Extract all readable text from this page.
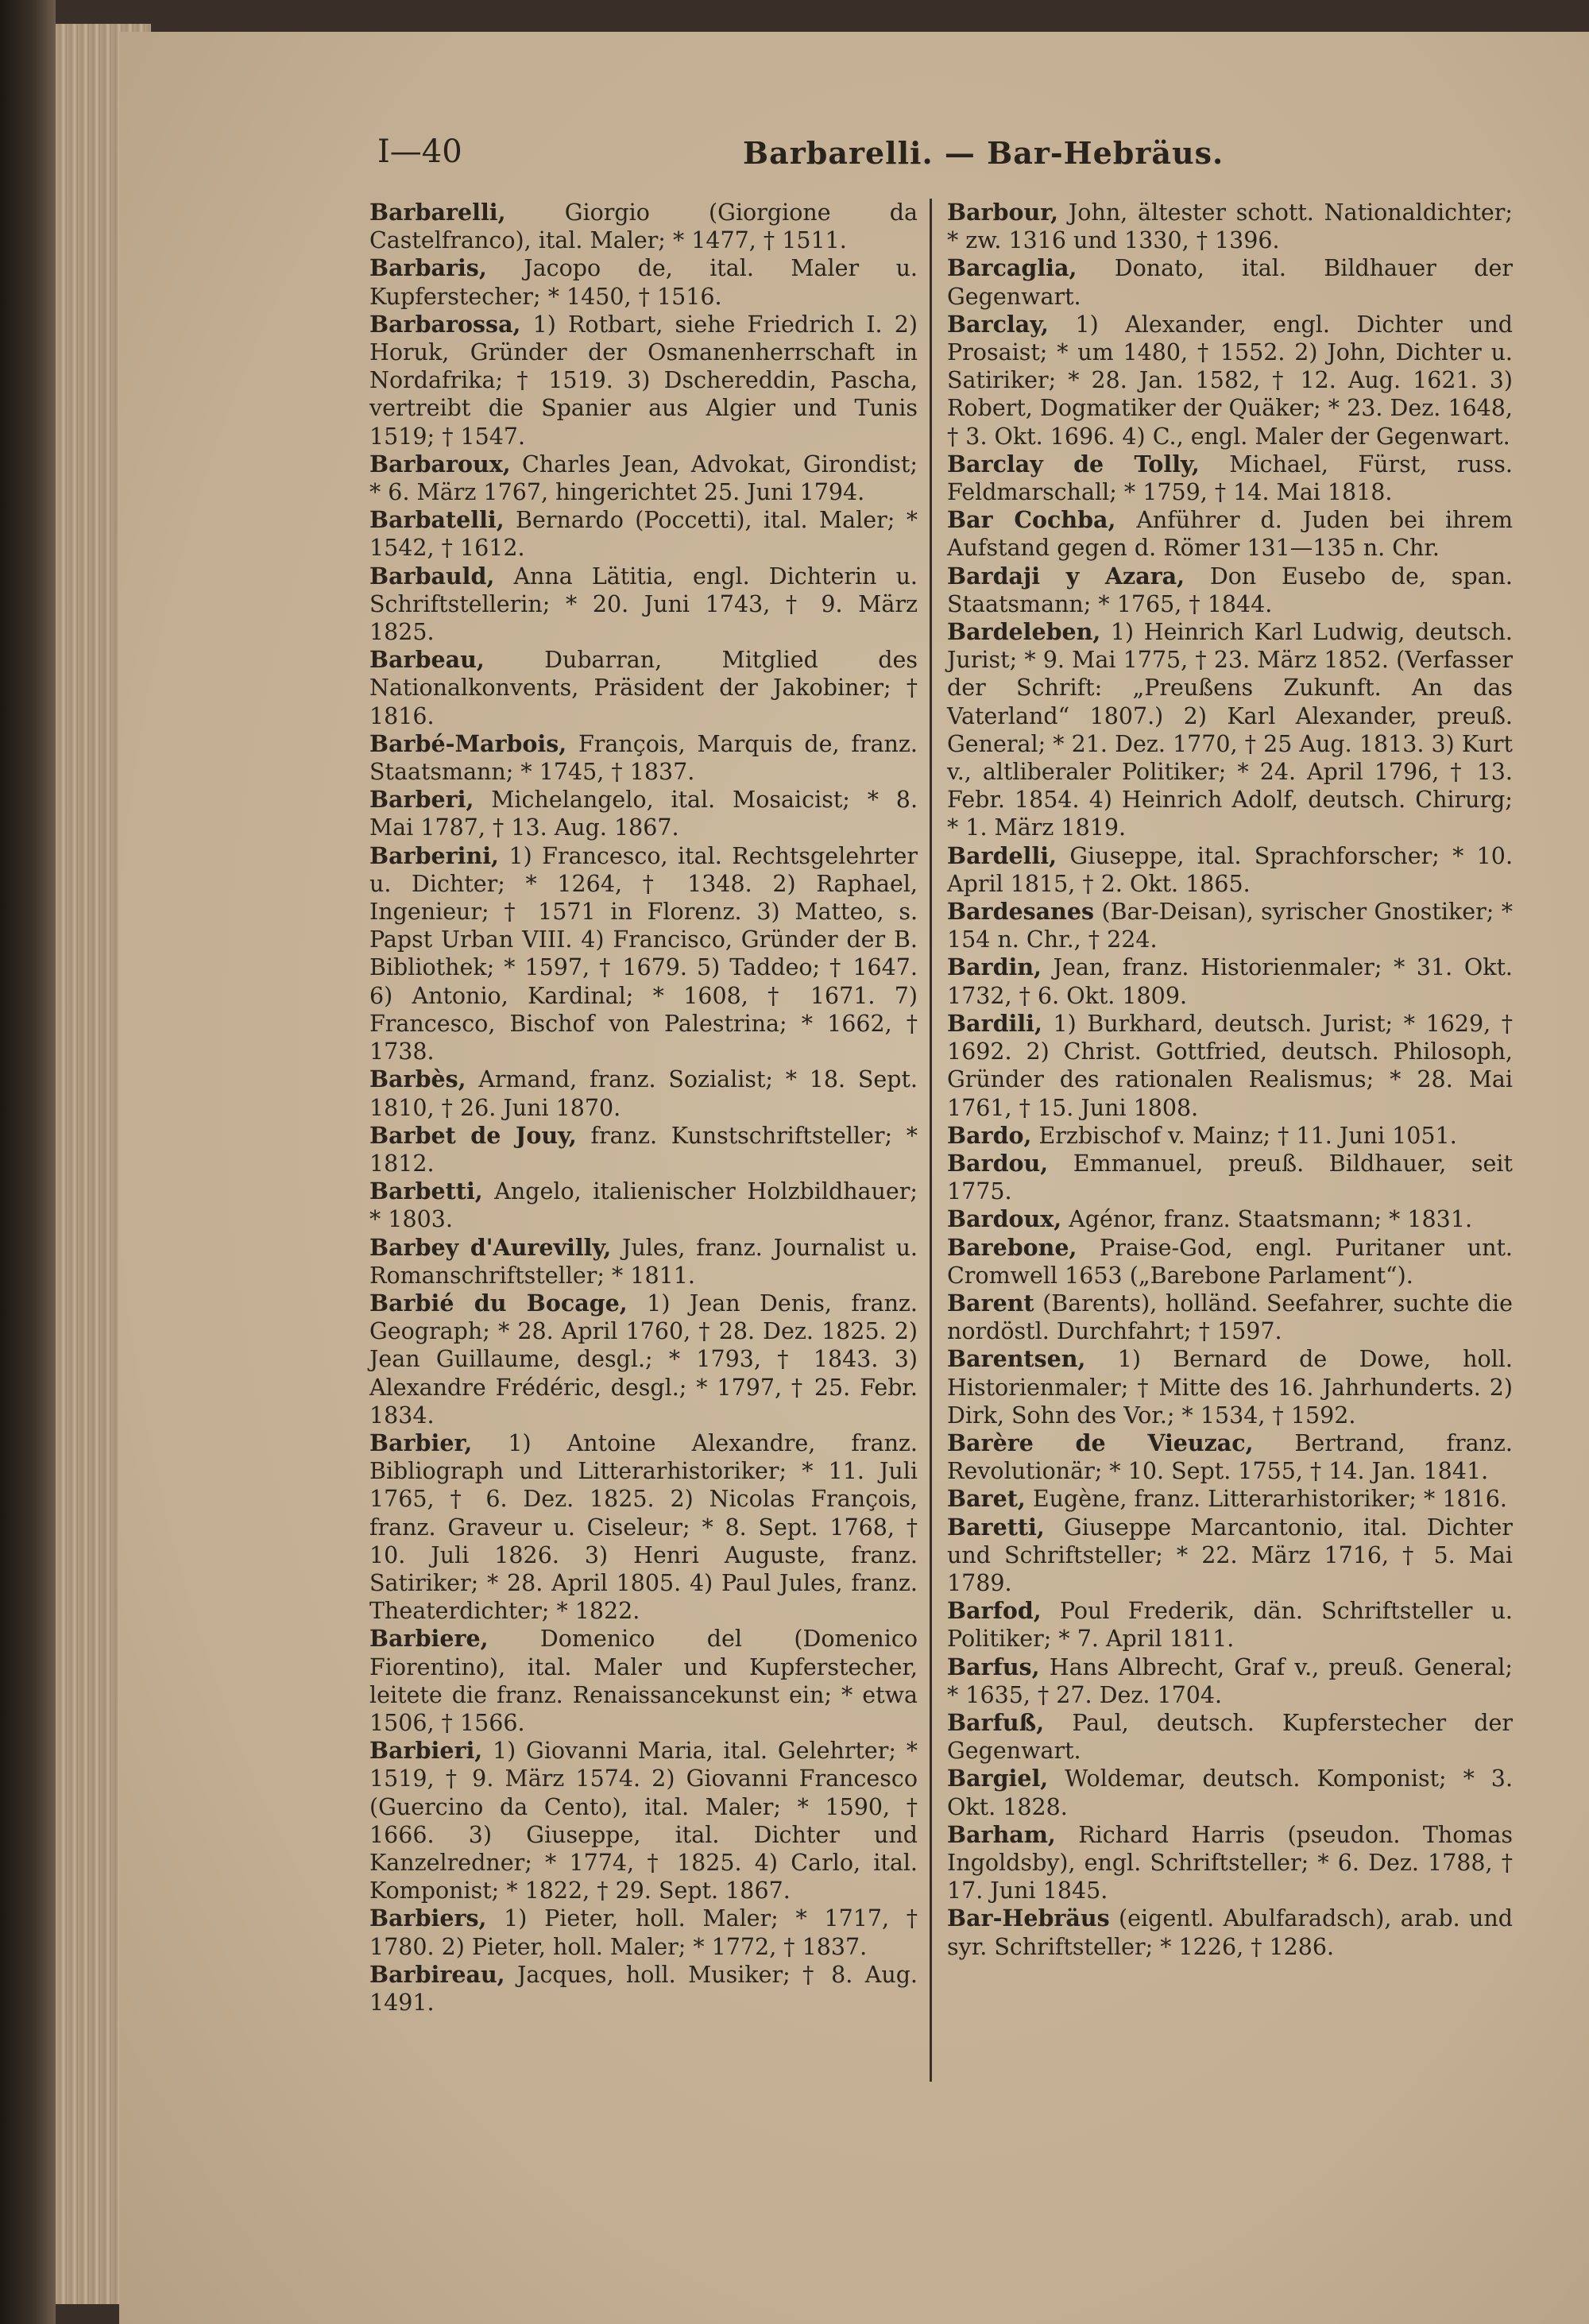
I—40	Barbarelli. — Bar-Hebräus.

Barbarelli, Giorgio (Giorgione da Castelfranco), ital. Maler; * 1477, † 1511.

Barbaris, Jacopo de, ital. Maler u. Kupferstecher; * 1450, † 1516.

Barbarossa, 1) Rotbart, siehe Friedrich I. 2) Horuk, Gründer der Osmanenherrschaft in Nordafrika; † 1519. 3) Dschereddin, Pascha, vertreibt die Spanier aus Algier und Tunis 1519; † 1547.

Barbaroux, Charles Jean, Advokat, Girondist; * 6. März 1767, hingerichtet 25. Juni 1794.

Barbatelli, Bernardo (Poccetti), ital. Maler; * 1542, † 1612.

Barbauld, Anna Lätitia, engl. Dichterin u. Schriftstellerin; * 20. Juni 1743, † 9. März 1825.

Barbeau, Dubarran, Mitglied des Nationalkonvents, Präsident der Jakobiner; † 1816.

Barbé-Marbois, François, Marquis de, franz. Staatsmann; * 1745, † 1837.

Barberi, Michelangelo, ital. Mosaicist; * 8. Mai 1787, † 13. Aug. 1867.

Barberini, 1) Francesco, ital. Rechtsgelehrter u. Dichter; * 1264, † 1348. 2) Raphael, Ingenieur; † 1571 in Florenz. 3) Matteo, s. Papst Urban VIII. 4) Francisco, Gründer der B. Bibliothek; * 1597, † 1679. 5) Taddeo; † 1647. 6) Antonio, Kardinal; * 1608, † 1671. 7) Francesco, Bischof von Palestrina; * 1662, † 1738.

Barbès, Armand, franz. Sozialist; * 18. Sept. 1810, † 26. Juni 1870.

Barbet de Jouy, franz. Kunstschriftsteller; * 1812.

Barbetti, Angelo, italienischer Holzbildhauer; * 1803.

Barbey d'Aurevilly, Jules, franz. Journalist u. Romanschriftsteller; * 1811.

Barbié du Bocage, 1) Jean Denis, franz. Geograph; * 28. April 1760, † 28. Dez. 1825. 2) Jean Guillaume, desgl.; * 1793, † 1843. 3) Alexandre Frédéric, desgl.; * 1797, † 25. Febr. 1834.

Barbier, 1) Antoine Alexandre, franz. Bibliograph und Litterarhistoriker; * 11. Juli 1765, † 6. Dez. 1825. 2) Nicolas François, franz. Graveur u. Ciseleur; * 8. Sept. 1768, † 10. Juli 1826. 3) Henri Auguste, franz. Satiriker; * 28. April 1805. 4) Paul Jules, franz. Theaterdichter; * 1822.

Barbiere, Domenico del (Domenico Fiorentino), ital. Maler und Kupferstecher, leitete die franz. Renaissancekunst ein; * etwa 1506, † 1566.

Barbieri, 1) Giovanni Maria, ital. Gelehrter; * 1519, † 9. März 1574. 2) Giovanni Francesco (Guercino da Cento), ital. Maler; * 1590, † 1666. 3) Giuseppe, ital. Dichter und Kanzelredner; * 1774, † 1825. 4) Carlo, ital. Komponist; * 1822, † 29. Sept. 1867.

Barbiers, 1) Pieter, holl. Maler; * 1717, † 1780. 2) Pieter, holl. Maler; * 1772, † 1837.

Barbireau, Jacques, holl. Musiker; † 8. Aug. 1491.

Barbour, John, ältester schott. Nationaldichter; * zw. 1316 und 1330, † 1396.

Barcaglia, Donato, ital. Bildhauer der Gegenwart.

Barclay, 1) Alexander, engl. Dichter und Prosaist; * um 1480, † 1552. 2) John, Dichter u. Satiriker; * 28. Jan. 1582, † 12. Aug. 1621. 3) Robert, Dogmatiker der Quäker; * 23. Dez. 1648, † 3. Okt. 1696. 4) C., engl. Maler der Gegenwart.

Barclay de Tolly, Michael, Fürst, russ. Feldmarschall; * 1759, † 14. Mai 1818.

Bar Cochba, Anführer d. Juden bei ihrem Aufstand gegen d. Römer 131—135 n. Chr.

Bardaji y Azara, Don Eusebo de, span. Staatsmann; * 1765, † 1844.

Bardeleben, 1) Heinrich Karl Ludwig, deutsch. Jurist; * 9. Mai 1775, † 23. März 1852. (Verfasser der Schrift: „Preußens Zukunft. An das Vaterland“ 1807.) 2) Karl Alexander, preuß. General; * 21. Dez. 1770, † 25 Aug. 1813. 3) Kurt v., altliberaler Politiker; * 24. April 1796, † 13. Febr. 1854. 4) Heinrich Adolf, deutsch. Chirurg; * 1. März 1819.

Bardelli, Giuseppe, ital. Sprachforscher; * 10. April 1815, † 2. Okt. 1865.

Bardesanes (Bar-Deisan), syrischer Gnostiker; * 154 n. Chr., † 224.

Bardin, Jean, franz. Historienmaler; * 31. Okt. 1732, † 6. Okt. 1809.

Bardili, 1) Burkhard, deutsch. Jurist; * 1629, † 1692. 2) Christ. Gottfried, deutsch. Philosoph, Gründer des rationalen Realismus; * 28. Mai 1761, † 15. Juni 1808.

Bardo, Erzbischof v. Mainz; † 11. Juni 1051.

Bardou, Emmanuel, preuß. Bildhauer, seit 1775.

Bardoux, Agénor, franz. Staatsmann; * 1831.

Barebone, Praise-God, engl. Puritaner unt. Cromwell 1653 („Barebone Parlament“).

Barent (Barents), holländ. Seefahrer, suchte die nordöstl. Durchfahrt; † 1597.

Barentsen, 1) Bernard de Dowe, holl. Historienmaler; † Mitte des 16. Jahrhunderts. 2) Dirk, Sohn des Vor.; * 1534, † 1592.

Barère de Vieuzac, Bertrand, franz. Revolutionär; * 10. Sept. 1755, † 14. Jan. 1841.

Baret, Eugène, franz. Litterarhistoriker; * 1816.

Baretti, Giuseppe Marcantonio, ital. Dichter und Schriftsteller; * 22. März 1716, † 5. Mai 1789.

Barfod, Poul Frederik, dän. Schriftsteller u. Politiker; * 7. April 1811.

Barfus, Hans Albrecht, Graf v., preuß. General; * 1635, † 27. Dez. 1704.

Barfuß, Paul, deutsch. Kupferstecher der Gegenwart.

Bargiel, Woldemar, deutsch. Komponist; * 3. Okt. 1828.

Barham, Richard Harris (pseudon. Thomas Ingoldsby), engl. Schriftsteller; * 6. Dez. 1788, † 17. Juni 1845.

Bar-Hebräus (eigentl. Abulfaradsch), arab. und syr. Schriftsteller; * 1226, † 1286.
